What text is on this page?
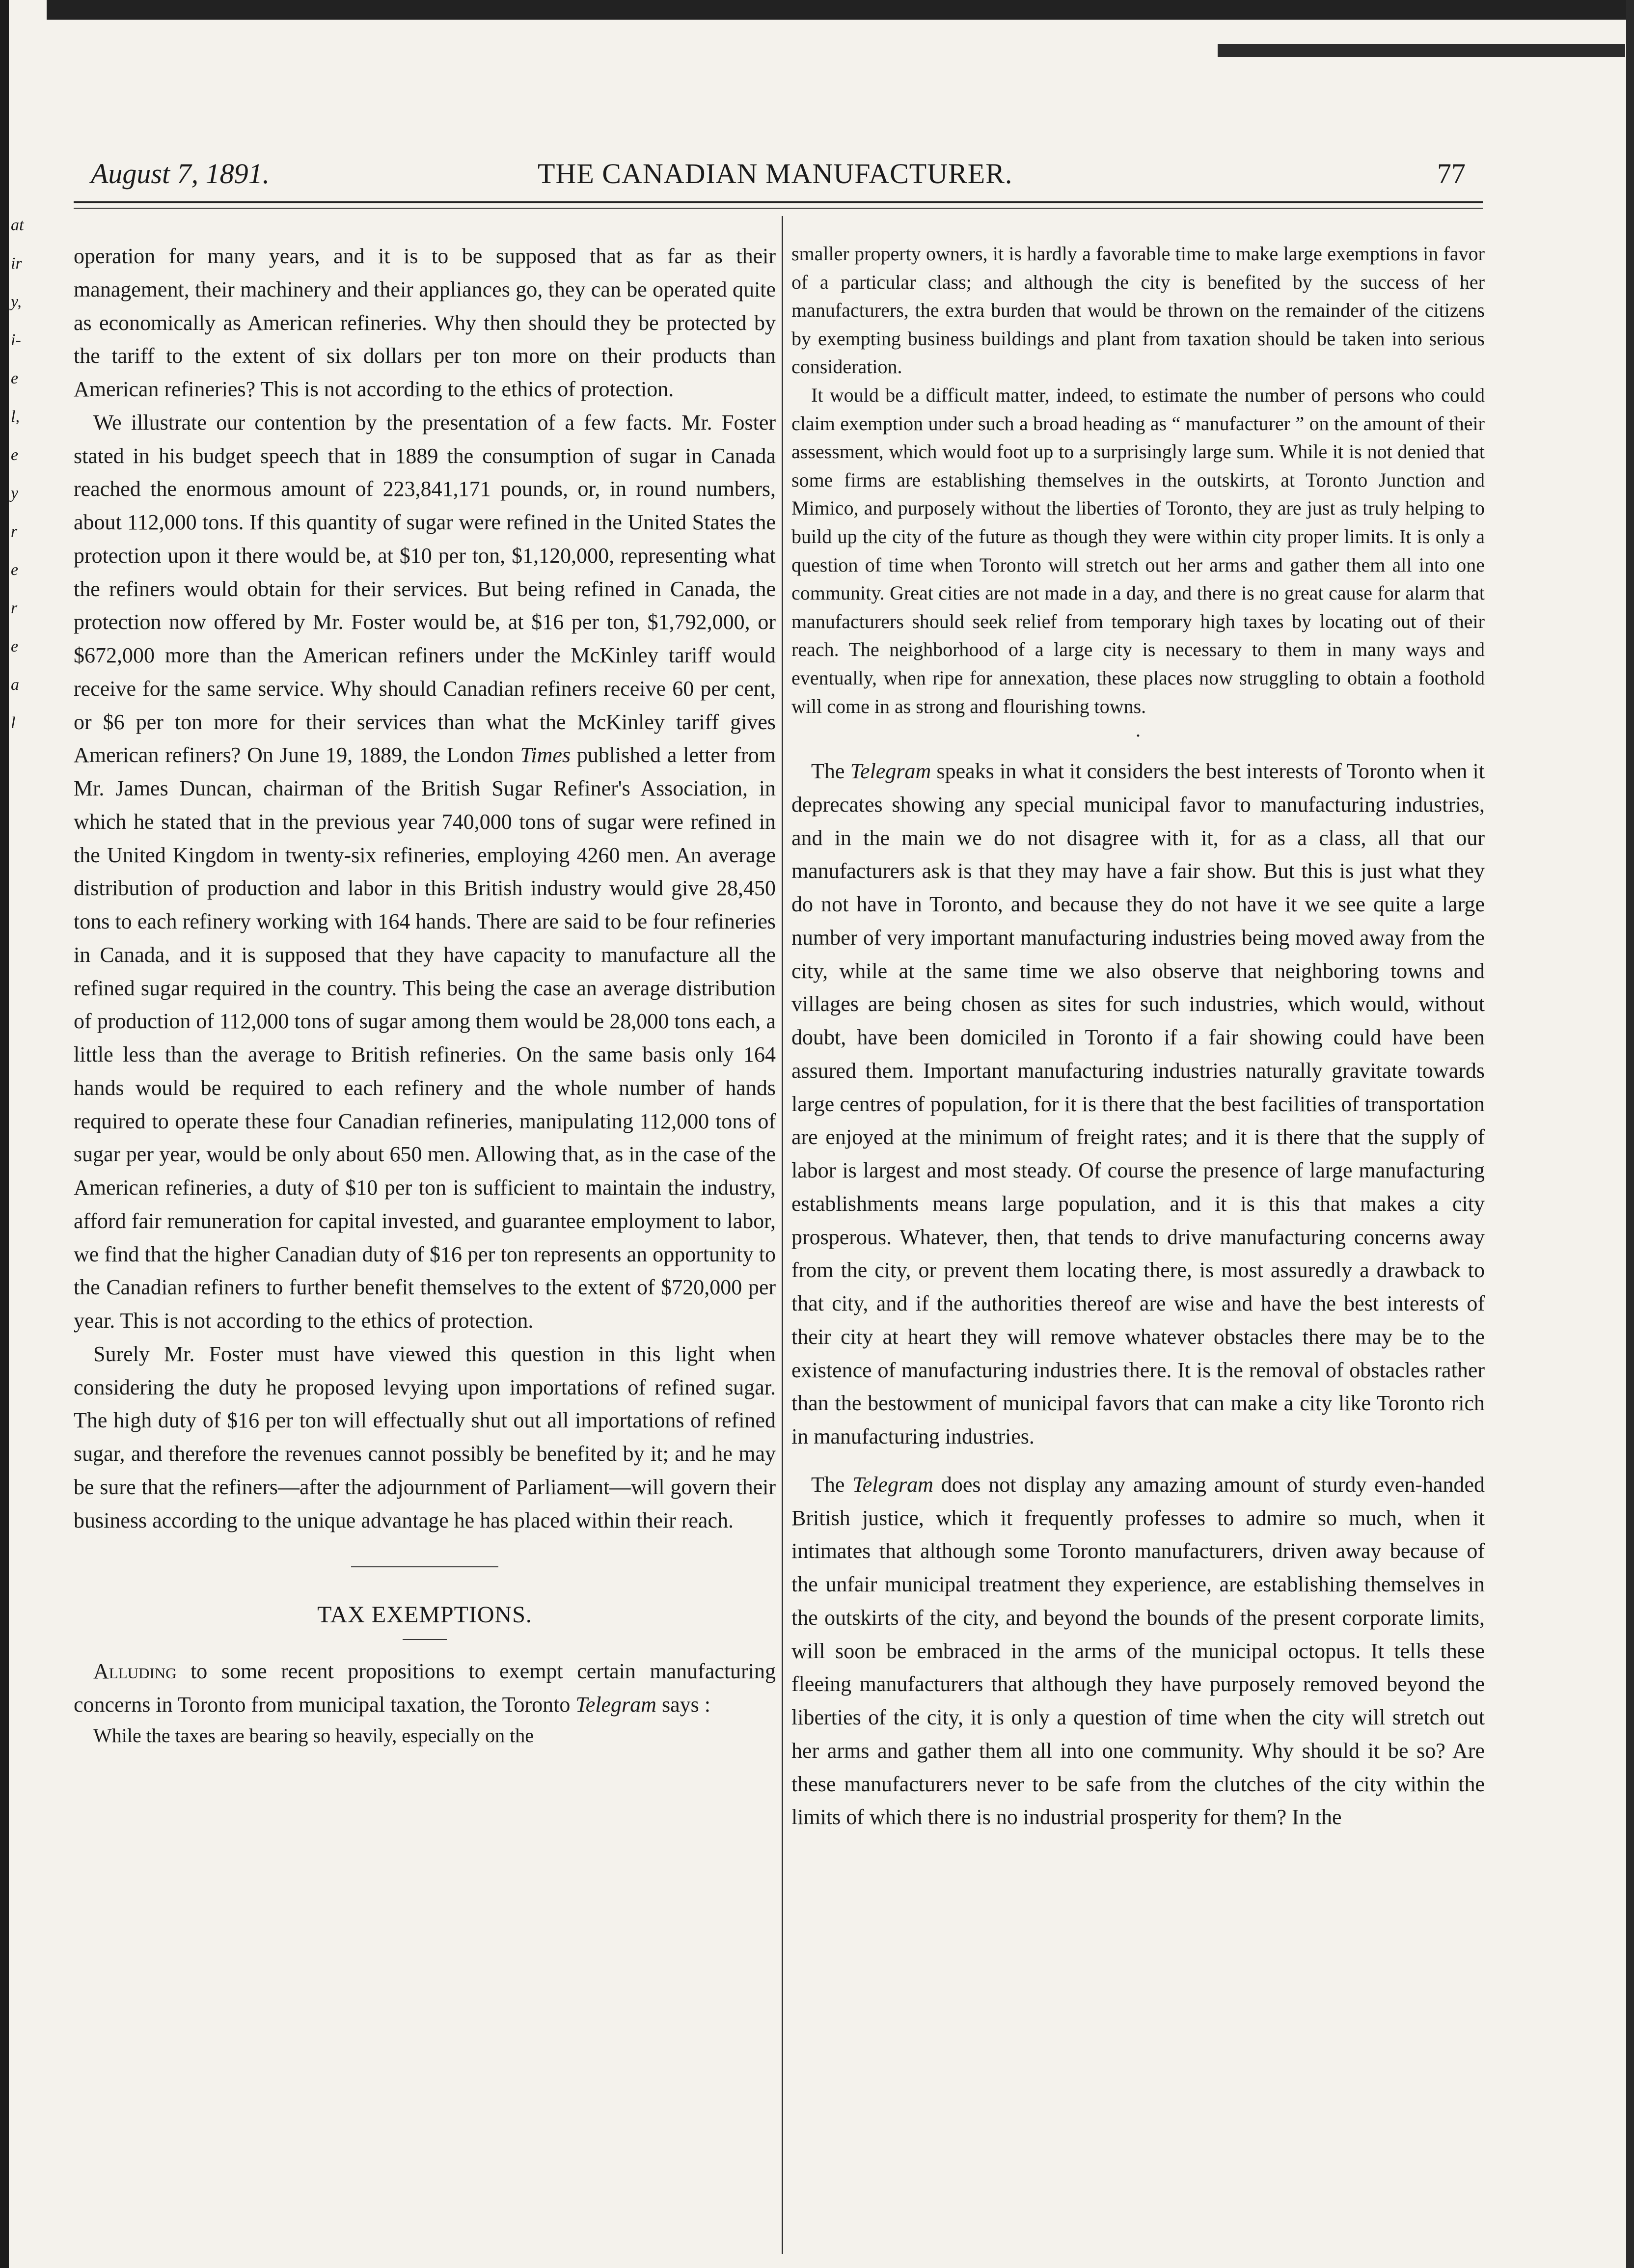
at
ir
y,
i-
e
l,
e
y
r
e
r
e
a
l
August 7, 1891.	THE CANADIAN MANUFACTURER.	77

operation for many years, and it is to be supposed that as far as their management, their machinery and their appliances go, they can be operated quite as economically as American refineries. Why then should they be protected by the tariff to the extent of six dollars per ton more on their products than American refineries? This is not according to the ethics of protection.

We illustrate our contention by the presentation of a few facts. Mr. Foster stated in his budget speech that in 1889 the consumption of sugar in Canada reached the enormous amount of 223,841,171 pounds, or, in round numbers, about 112,000 tons. If this quantity of sugar were refined in the United States the protection upon it there would be, at $10 per ton, $1,120,000, representing what the refiners would obtain for their services. But being refined in Canada, the protection now offered by Mr. Foster would be, at $16 per ton, $1,792,000, or $672,000 more than the American refiners under the McKinley tariff would receive for the same service. Why should Canadian refiners receive 60 per cent, or $6 per ton more for their services than what the McKinley tariff gives American refiners? On June 19, 1889, the London Times published a letter from Mr. James Duncan, chairman of the British Sugar Refiner's Association, in which he stated that in the previous year 740,000 tons of sugar were refined in the United Kingdom in twenty-six refineries, employing 4260 men. An average distribution of production and labor in this British industry would give 28,450 tons to each refinery working with 164 hands. There are said to be four refineries in Canada, and it is supposed that they have capacity to manufacture all the refined sugar required in the country. This being the case an average distribution of production of 112,000 tons of sugar among them would be 28,000 tons each, a little less than the average to British refineries. On the same basis only 164 hands would be required to each refinery and the whole number of hands required to operate these four Canadian refineries, manipulating 112,000 tons of sugar per year, would be only about 650 men. Allowing that, as in the case of the American refineries, a duty of $10 per ton is sufficient to maintain the industry, afford fair remuneration for capital invested, and guarantee employment to labor, we find that the higher Canadian duty of $16 per ton represents an opportunity to the Canadian refiners to further benefit themselves to the extent of $720,000 per year. This is not according to the ethics of protection.

Surely Mr. Foster must have viewed this question in this light when considering the duty he proposed levying upon importations of refined sugar. The high duty of $16 per ton will effectually shut out all importations of refined sugar, and therefore the revenues cannot possibly be benefited by it; and he may be sure that the refiners—after the adjournment of Parliament—will govern their business according to the unique advantage he has placed within their reach.

TAX EXEMPTIONS.

Alluding to some recent propositions to exempt certain manufacturing concerns in Toronto from municipal taxation, the Toronto Telegram says :

While the taxes are bearing so heavily, especially on the

smaller property owners, it is hardly a favorable time to make large exemptions in favor of a particular class; and although the city is benefited by the success of her manufacturers, the extra burden that would be thrown on the remainder of the citizens by exempting business buildings and plant from taxation should be taken into serious consideration.

It would be a difficult matter, indeed, to estimate the number of persons who could claim exemption under such a broad heading as “ manufacturer ” on the amount of their assessment, which would foot up to a surprisingly large sum. While it is not denied that some firms are establishing themselves in the outskirts, at Toronto Junction and Mimico, and purposely without the liberties of Toronto, they are just as truly helping to build up the city of the future as though they were within city proper limits. It is only a question of time when Toronto will stretch out her arms and gather them all into one community. Great cities are not made in a day, and there is no great cause for alarm that manufacturers should seek relief from temporary high taxes by locating out of their reach. The neighborhood of a large city is necessary to them in many ways and eventually, when ripe for annexation, these places now struggling to obtain a foothold will come in as strong and flourishing towns.

.

The Telegram speaks in what it considers the best interests of Toronto when it deprecates showing any special municipal favor to manufacturing industries, and in the main we do not disagree with it, for as a class, all that our manufacturers ask is that they may have a fair show. But this is just what they do not have in Toronto, and because they do not have it we see quite a large number of very important manufacturing industries being moved away from the city, while at the same time we also observe that neighboring towns and villages are being chosen as sites for such industries, which would, without doubt, have been domiciled in Toronto if a fair showing could have been assured them. Important manufacturing industries naturally gravitate towards large centres of population, for it is there that the best facilities of transportation are enjoyed at the minimum of freight rates; and it is there that the supply of labor is largest and most steady. Of course the presence of large manufacturing establishments means large population, and it is this that makes a city prosperous. Whatever, then, that tends to drive manufacturing concerns away from the city, or prevent them locating there, is most assuredly a drawback to that city, and if the authorities thereof are wise and have the best interests of their city at heart they will remove whatever obstacles there may be to the existence of manufacturing industries there. It is the removal of obstacles rather than the bestowment of municipal favors that can make a city like Toronto rich in manufacturing industries.

The Telegram does not display any amazing amount of sturdy even-handed British justice, which it frequently professes to admire so much, when it intimates that although some Toronto manufacturers, driven away because of the unfair municipal treatment they experience, are establishing themselves in the outskirts of the city, and beyond the bounds of the present corporate limits, will soon be embraced in the arms of the municipal octopus. It tells these fleeing manufacturers that although they have purposely removed beyond the liberties of the city, it is only a question of time when the city will stretch out her arms and gather them all into one community. Why should it be so? Are these manufacturers never to be safe from the clutches of the city within the limits of which there is no industrial prosperity for them? In the
